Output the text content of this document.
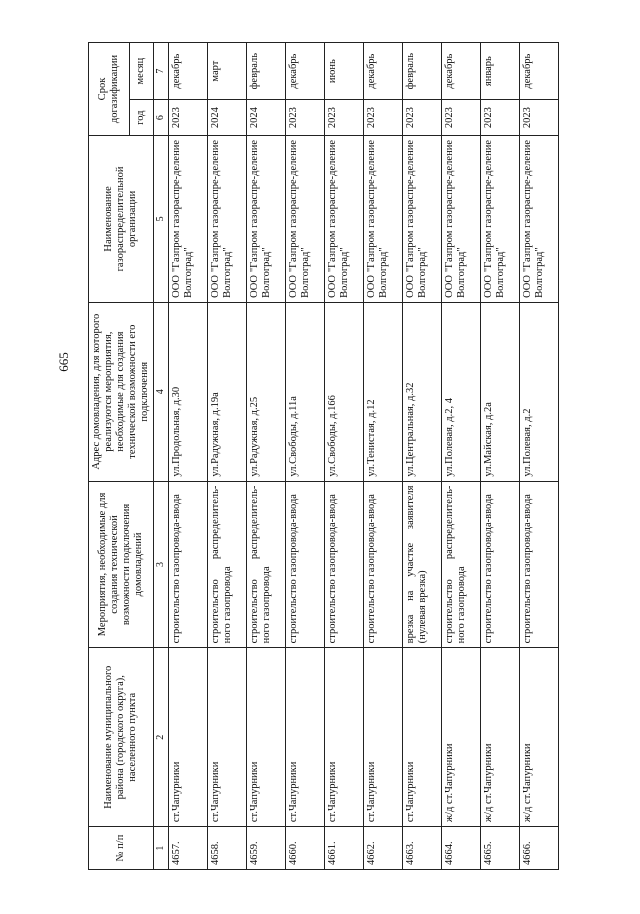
665
№ п/п	Наименование муниципального района (городского округа), населенного пункта	Мероприятия, необходимые для создания технической возможности подключения домовладений	Адрес домовладения, для которого реализуются мероприятия, необходимые для создания технической возможности его подключения	Наименование газораспределительной организации	Срок догазификации	
					год	месяц
1	2	3	4	5	6	7
4657.	ст.Чапурники	строительство газопровода-ввода	ул.Продольная, д.30	ООО "Газпром газораспре-деление Волгоград"	2023	декабрь
4658.	ст.Чапурники	строительство распределитель-ного газопровода	ул.Радужная, д.19а	ООО "Газпром газораспре-деление Волгоград"	2024	март
4659.	ст.Чапурники	строительство распределитель-ного газопровода	ул.Радужная, д.25	ООО "Газпром газораспре-деление Волгоград"	2024	февраль
4660.	ст.Чапурники	строительство газопровода-ввода	ул.Свободы, д.11а	ООО "Газпром газораспре-деление Волгоград"	2023	декабрь
4661.	ст.Чапурники	строительство газопровода-ввода	ул.Свободы, д.166	ООО "Газпром газораспре-деление Волгоград"	2023	июнь
4662.	ст.Чапурники	строительство газопровода-ввода	ул.Тенистая, д.12	ООО "Газпром газораспре-деление Волгоград"	2023	декабрь
4663.	ст.Чапурники	врезка на участке заявителя (нулевая врезка)	ул.Центральная, д.32	ООО "Газпром газораспре-деление Волгоград"	2023	февраль
4664.	ж/д ст.Чапурники	строительство распределитель-ного газопровода	ул.Полевая, д.2, 4	ООО "Газпром газораспре-деление Волгоград"	2023	декабрь
4665.	ж/д ст.Чапурники	строительство газопровода-ввода	ул.Майская, д.2а	ООО "Газпром газораспре-деление Волгоград"	2023	январь
4666.	ж/д ст.Чапурники	строительство газопровода-ввода	ул.Полевая, д.2	ООО "Газпром газораспре-деление Волгоград"	2023	декабрь
